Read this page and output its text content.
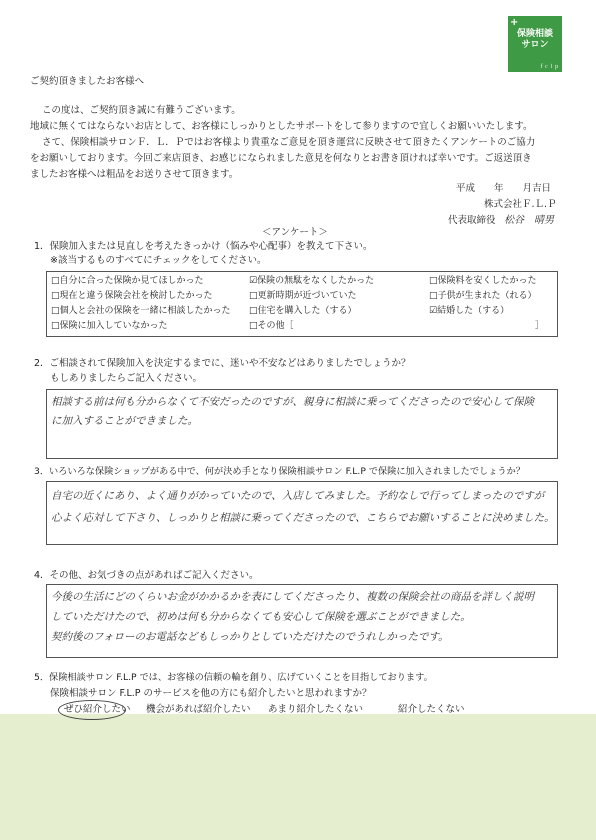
+
保険相談
サロン
ｆｃｌｐ
ご契約頂きましたお客様へ
この度は、ご契約頂き誠に有難うございます。
地域に無くてはならないお店として、お客様にしっかりとしたサポートをして参りますので宜しくお願いいたします。
さて、保険相談サロンＦ．Ｌ．Ｐではお客様より貴重なご意見を頂き運営に反映させて頂きたくアンケートのご協力
をお願いしております。今回ご来店頂き、お感じになられました意見を何なりとお書き頂ければ幸いです。ご返送頂き
ましたお客様へは粗品をお送りさせて頂きます。
平成　　年　　月吉日
株式会社Ｆ.Ｌ.Ｐ
代表取締役 松谷　晴男
＜アンケート＞
1．保険加入または見直しを考えたきっかけ（悩みや心配事）を教えて下さい。
※該当するものすべてにチェックをしてください。
□自分に合った保険か見てほしかった	☑保険の無駄をなくしたかった	□保険料を安くしたかった
□現在と違う保険会社を検討したかった	□更新時期が近づいていた	□子供が生まれた（れる）
□個人と会社の保険を一緒に相談したかった □住宅を購入した（する）	☑結婚した（する）
□保険に加入していなかった	□その他［	］
2．ご相談されて保険加入を決定するまでに、迷いや不安などはありましたでしょうか？
もしありましたらご記入ください。
相談する前は何も分からなくて不安だったのですが、親身に相談に乗ってくださったので安心して保険
に加入することができました。
3．いろいろな保険ショップがある中で、何が決め手となり保険相談サロン F.L.P で保険に加入されましたでしょうか？
自宅の近くにあり、よく通りがかっていたので、入店してみました。予約なしで行ってしまったのですが
心よく応対して下さり、しっかりと相談に乗ってくださったので、こちらでお願いすることに決めました。
4．その他、お気づきの点があればご記入ください。
今後の生活にどのくらいお金がかかるかを表にしてくださったり、複数の保険会社の商品を詳しく説明
していただけたので、初めは何も分からなくても安心して保険を選ぶことができました。
契約後のフォローのお電話などもしっかりとしていただけたのでうれしかったです。
5．保険相談サロン F.L.P では、お客様の信頼の輪を創り、広げていくことを目指しております。
保険相談サロン F.L.P のサービスを他の方にも紹介したいと思われますか？
ぜひ紹介したい 機会があれば紹介したい あまり紹介したくない	紹介したくない
